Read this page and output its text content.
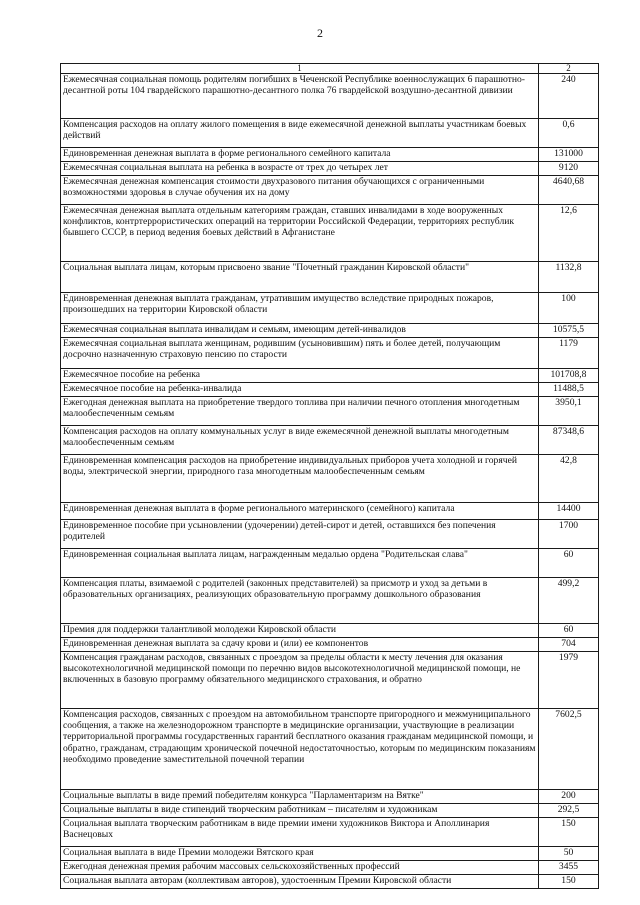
2
1	2
Ежемесячная социальная помощь родителям погибших в Чеченской Республике военнослужащих 6 парашютно-десантной роты 104 гвардейского парашютно-десантного полка 76 гвардейской воздушно-десантной дивизии	240
Компенсация расходов на оплату жилого помещения в виде ежемесячной денежной выплаты участникам боевых действий	0,6
Единовременная денежная выплата в форме регионального семейного капитала	131000
Ежемесячная социальная выплата на ребенка в возрасте от трех до четырех лет	9120
Ежемесячная денежная компенсация стоимости двухразового питания обучающихся с ограниченными возможностями здоровья в случае обучения их на дому	4640,68
Ежемесячная денежная выплата отдельным категориям граждан, ставших инвалидами в ходе вооруженных конфликтов, контртеррористических операций на территории Российской Федерации, территориях республик бывшего СССР, в период ведения боевых действий в Афганистане	12,6
Социальная выплата лицам, которым присвоено звание "Почетный гражданин Кировской области"	1132,8
Единовременная денежная выплата гражданам, утратившим имущество вследствие природных пожаров, произошедших на территории Кировской области	100
Ежемесячная социальная выплата инвалидам и семьям, имеющим детей-инвалидов	10575,5
Ежемесячная социальная выплата женщинам, родившим (усыновившим) пять и более детей, получающим досрочно назначенную страховую пенсию по старости	1179
Ежемесячное пособие на ребенка	101708,8
Ежемесячное пособие на ребенка-инвалида	11488,5
Ежегодная денежная выплата на приобретение твердого топлива при наличии печного отопления многодетным малообеспеченным семьям	3950,1
Компенсация расходов на оплату коммунальных услуг в виде ежемесячной денежной выплаты многодетным малообеспеченным семьям	87348,6
Единовременная компенсация расходов на приобретение индивидуальных приборов учета холодной и горячей воды, электрической энергии, природного газа многодетным малообеспеченным семьям	42,8
Единовременная денежная выплата в форме регионального материнского (семейного) капитала	14400
Единовременное пособие при усыновлении (удочерении) детей-сирот и детей, оставшихся без попечения родителей	1700
Единовременная социальная выплата лицам, награжденным медалью ордена "Родительская слава"	60
Компенсация платы, взимаемой с родителей (законных представителей) за присмотр и уход за детьми в образовательных организациях, реализующих образовательную программу дошкольного образования	499,2
Премия для поддержки талантливой молодежи Кировской области	60
Единовременная денежная выплата за сдачу крови и (или) ее компонентов	704
Компенсация гражданам расходов, связанных с проездом за пределы области к месту лечения для оказания высокотехнологичной медицинской помощи по перечню видов высокотехнологичной медицинской помощи, не включенных в базовую программу обязательного медицинского страхования, и обратно	1979
Компенсация расходов, связанных с проездом на автомобильном транспорте пригородного и межмуниципального сообщения, а также на железнодорожном транспорте в медицинские организации, участвующие в реализации территориальной программы государственных гарантий бесплатного оказания гражданам медицинской помощи, и обратно, гражданам, страдающим хронической почечной недостаточностью, которым по медицинским показаниям необходимо проведение заместительной почечной терапии	7602,5
Социальные выплаты в виде премий победителям конкурса "Парламентаризм на Вятке"	200
Социальные выплаты в виде стипендий творческим работникам – писателям и художникам	292,5
Социальная выплата творческим работникам в виде премии имени художников Виктора и Аполлинария Васнецовых	150
Социальная выплата в виде Премии молодежи Вятского края	50
Ежегодная денежная премия рабочим массовых сельскохозяйственных профессий	3455
Социальная выплата авторам (коллективам авторов), удостоенным Премии Кировской области	150
